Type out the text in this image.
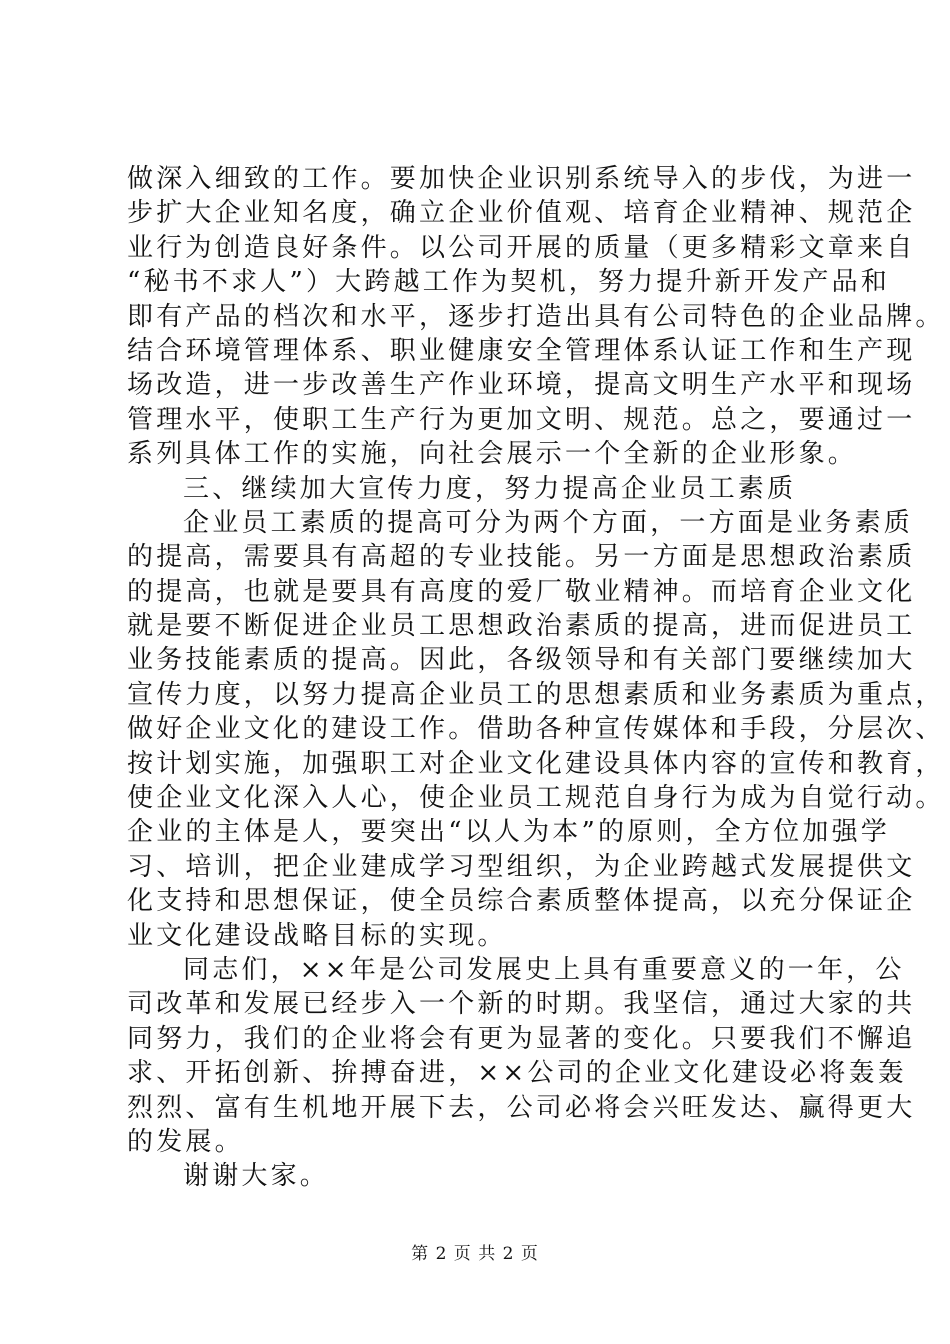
做深入细致的工作。要加快企业识别系统导入的步伐，为进一
步扩大企业知名度，确立企业价值观、培育企业精神、规范企
业行为创造良好条件。以公司开展的质量（更多精彩文章来自
“秘书不求人”）大跨越工作为契机，努力提升新开发产品和
即有产品的档次和水平，逐步打造出具有公司特色的企业品牌。
结合环境管理体系、职业健康安全管理体系认证工作和生产现
场改造，进一步改善生产作业环境，提高文明生产水平和现场
管理水平，使职工生产行为更加文明、规范。总之，要通过一
系列具体工作的实施，向社会展示一个全新的企业形象。
三、继续加大宣传力度，努力提高企业员工素质
企业员工素质的提高可分为两个方面，一方面是业务素质
的提高，需要具有高超的专业技能。另一方面是思想政治素质
的提高，也就是要具有高度的爱厂敬业精神。而培育企业文化
就是要不断促进企业员工思想政治素质的提高，进而促进员工
业务技能素质的提高。因此，各级领导和有关部门要继续加大
宣传力度，以努力提高企业员工的思想素质和业务素质为重点，
做好企业文化的建设工作。借助各种宣传媒体和手段，分层次、
按计划实施，加强职工对企业文化建设具体内容的宣传和教育，
使企业文化深入人心，使企业员工规范自身行为成为自觉行动。
企业的主体是人，要突出“以人为本”的原则，全方位加强学
习、培训，把企业建成学习型组织，为企业跨越式发展提供文
化支持和思想保证，使全员综合素质整体提高，以充分保证企
业文化建设战略目标的实现。
同志们，××年是公司发展史上具有重要意义的一年，公
司改革和发展已经步入一个新的时期。我坚信，通过大家的共
同努力，我们的企业将会有更为显著的变化。只要我们不懈追
求、开拓创新、拚搏奋进，××公司的企业文化建设必将轰轰
烈烈、富有生机地开展下去，公司必将会兴旺发达、赢得更大
的发展。
谢谢大家。
第 2 页 共 2 页
